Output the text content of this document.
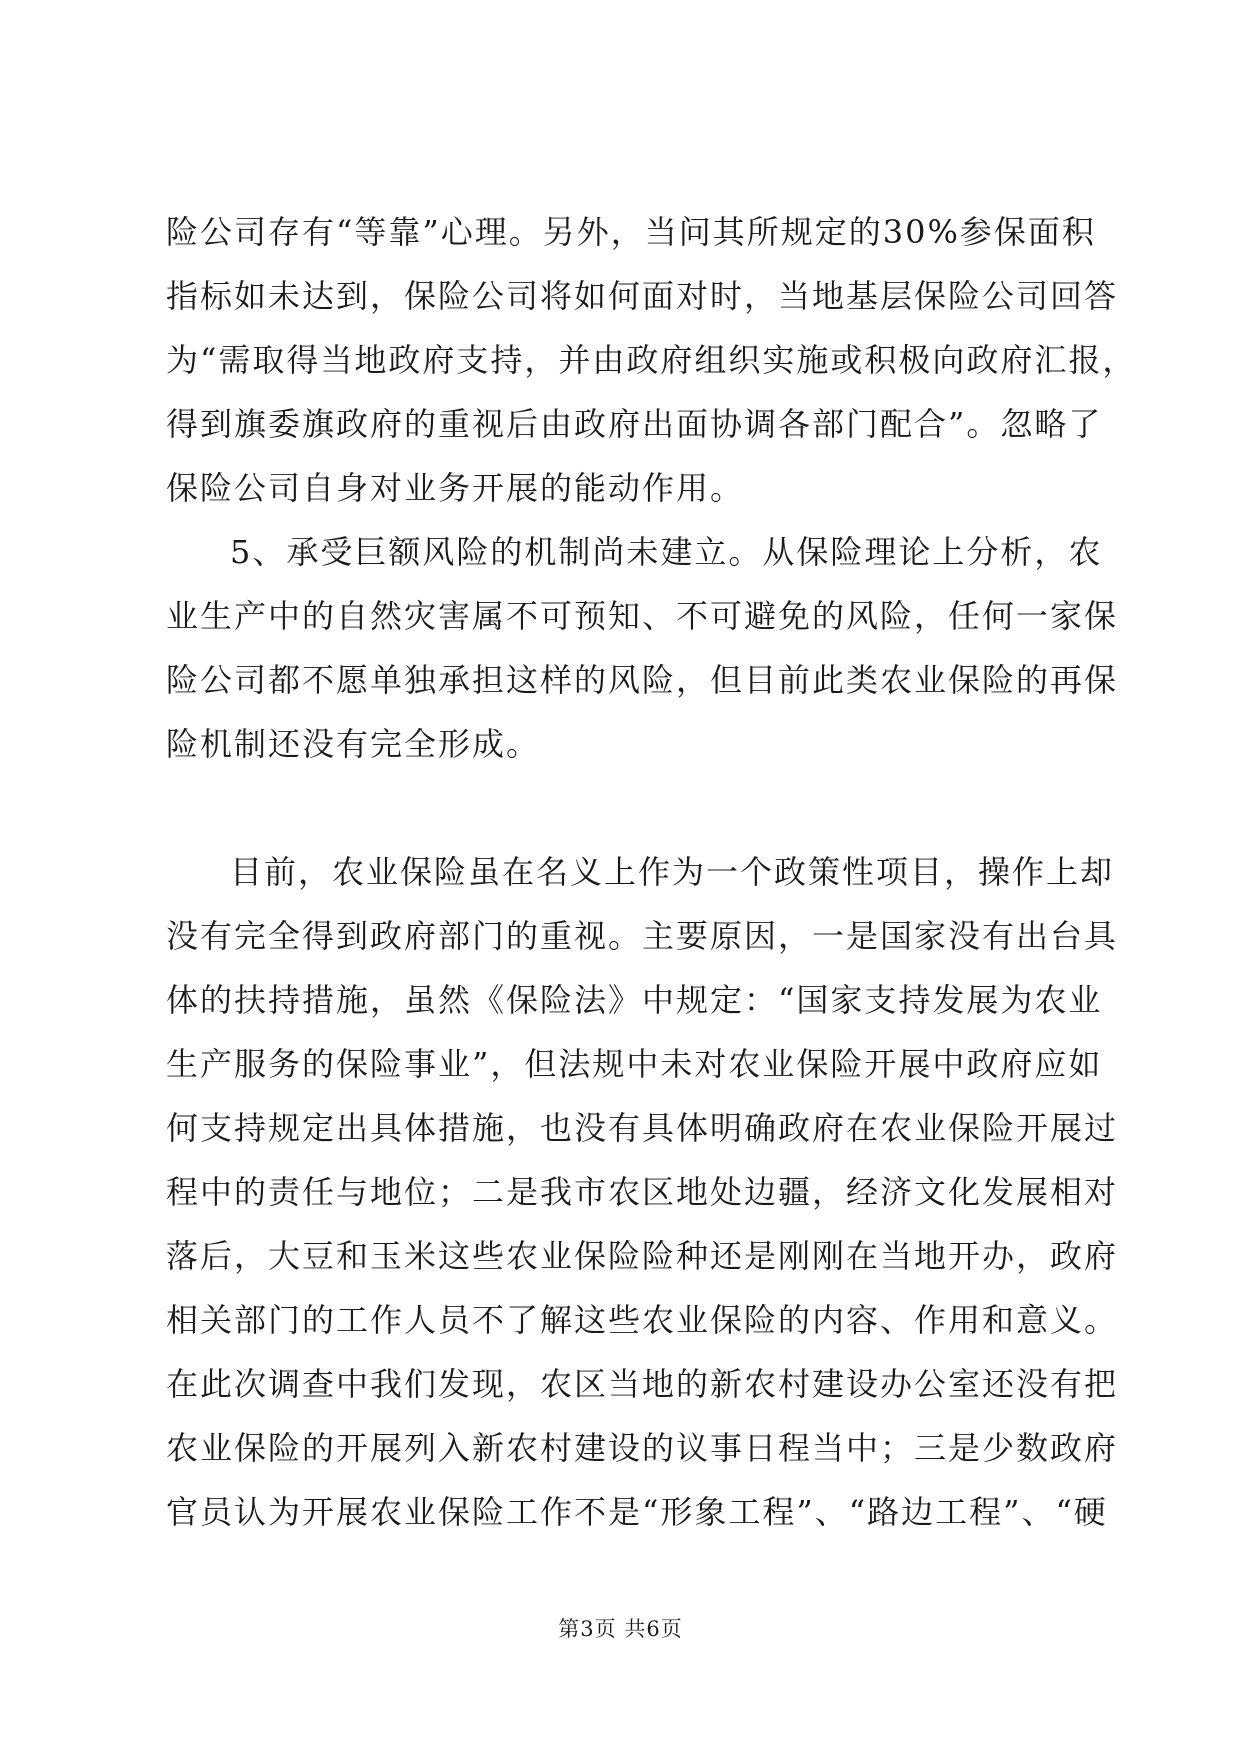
险公司存有“等靠”心理。另外，当问其所规定的30%参保面积
指标如未达到，保险公司将如何面对时，当地基层保险公司回答
为“需取得当地政府支持，并由政府组织实施或积极向政府汇报，
得到旗委旗政府的重视后由政府出面协调各部门配合”。忽略了
保险公司自身对业务开展的能动作用。
5、承受巨额风险的机制尚未建立。从保险理论上分析，农
业生产中的自然灾害属不可预知、不可避免的风险，任何一家保
险公司都不愿单独承担这样的风险，但目前此类农业保险的再保
险机制还没有完全形成。
目前，农业保险虽在名义上作为一个政策性项目，操作上却
没有完全得到政府部门的重视。主要原因，一是国家没有出台具
体的扶持措施，虽然《保险法》中规定：“国家支持发展为农业
生产服务的保险事业”，但法规中未对农业保险开展中政府应如
何支持规定出具体措施，也没有具体明确政府在农业保险开展过
程中的责任与地位；二是我市农区地处边疆，经济文化发展相对
落后，大豆和玉米这些农业保险险种还是刚刚在当地开办，政府
相关部门的工作人员不了解这些农业保险的内容、作用和意义。
在此次调查中我们发现，农区当地的新农村建设办公室还没有把
农业保险的开展列入新农村建设的议事日程当中；三是少数政府
官员认为开展农业保险工作不是“形象工程”、“路边工程”、“硬
第3页 共6页
